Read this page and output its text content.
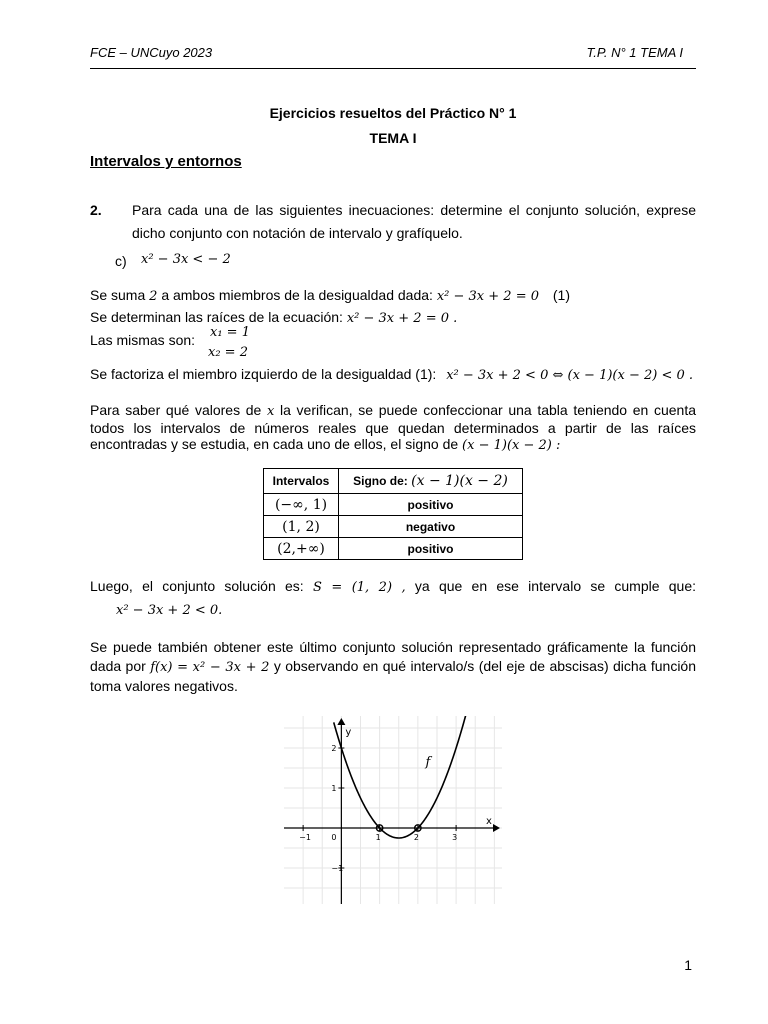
FCE – UNCuyo 2023	T.P. N° 1 TEMA I
Ejercicios resueltos del Práctico N° 1
TEMA I
Intervalos y entornos
2. Para cada una de las siguientes inecuaciones: determine el conjunto solución, exprese
dicho conjunto con notación de intervalo y grafíquelo.
c) x² − 3x < − 2
Se suma 2 a ambos miembros de la desigualdad dada: x² − 3x + 2 = 0 (1)
Se determinan las raíces de la ecuación: x² − 3x + 2 = 0 .
Las mismas son: x₁ = 1
x₂ = 2
Se factoriza el miembro izquierdo de la desigualdad (1): x² − 3x + 2 < 0 ⇔ (x − 1)(x − 2) < 0 .
Para saber qué valores de x la verifican, se puede confeccionar una tabla teniendo en cuenta
todos los intervalos de números reales que quedan determinados a partir de las raíces
encontradas y se estudia, en cada uno de ellos, el signo de (x − 1)(x − 2) :
Intervalos	Signo de: (x − 1)(x − 2)
(−∞, 1)	positivo
(1, 2)	negativo
(2,+∞)	positivo
Luego, el conjunto solución es: S = (1, 2) , ya que en ese intervalo se cumple que:
x² − 3x + 2 < 0.
Se puede también obtener este último conjunto solución representado gráficamente la función
dada por f(x) = x² − 3x + 2 y observando en qué intervalo/s (del eje de abscisas) dicha función
toma valores negativos.
−1	0	1	2	3
2
1
−1
x
y
f
1
